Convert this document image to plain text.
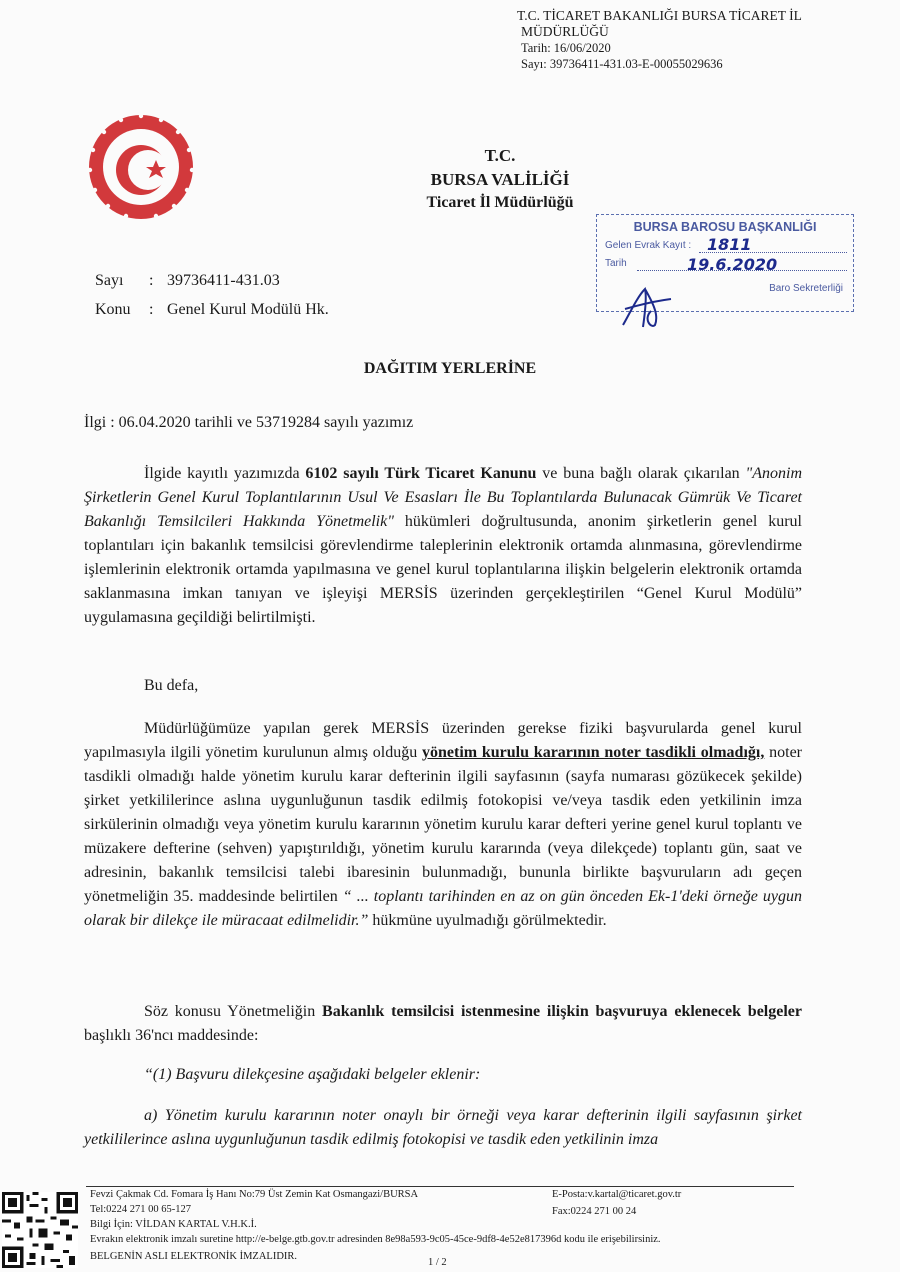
T.C. TİCARET BAKANLIĞI BURSA TİCARET İL
MÜDÜRLÜĞÜ
Tarih: 16/06/2020
Sayı: 39736411-431.03-E-00055029636
T.C.
BURSA VALİLİĞİ
Ticaret İl Müdürlüğü
BURSA BAROSU BAŞKANLIĞI
Gelen Evrak Kayıt :
Tarih
Baro Sekreterliği
1811
19.6.2020
Sayı : 39736411-431.03
Konu : Genel Kurul Modülü Hk.
DAĞITIM YERLERİNE
İlgi : 06.04.2020 tarihli ve 53719284 sayılı yazımız
İlgide kayıtlı yazımızda 6102 sayılı Türk Ticaret Kanunu ve buna bağlı olarak çıkarılan "Anonim Şirketlerin Genel Kurul Toplantılarının Usul Ve Esasları İle Bu Toplantılarda Bulunacak Gümrük Ve Ticaret Bakanlığı Temsilcileri Hakkında Yönetmelik" hükümleri doğrultusunda, anonim şirketlerin genel kurul toplantıları için bakanlık temsilcisi görevlendirme taleplerinin elektronik ortamda alınmasına, görevlendirme işlemlerinin elektronik ortamda yapılmasına ve genel kurul toplantılarına ilişkin belgelerin elektronik ortamda saklanmasına imkan tanıyan ve işleyişi MERSİS üzerinden gerçekleştirilen “Genel Kurul Modülü” uygulamasına geçildiği belirtilmişti.
Bu defa,
Müdürlüğümüze yapılan gerek MERSİS üzerinden gerekse fiziki başvurularda genel kurul yapılmasıyla ilgili yönetim kurulunun almış olduğu yönetim kurulu kararının noter tasdikli olmadığı, noter tasdikli olmadığı halde yönetim kurulu karar defterinin ilgili sayfasının (sayfa numarası gözükecek şekilde) şirket yetkililerince aslına uygunluğunun tasdik edilmiş fotokopisi ve/veya tasdik eden yetkilinin imza sirkülerinin olmadığı veya yönetim kurulu kararının yönetim kurulu karar defteri yerine genel kurul toplantı ve müzakere defterine (sehven) yapıştırıldığı, yönetim kurulu kararında (veya dilekçede) toplantı gün, saat ve adresinin, bakanlık temsilcisi talebi ibaresinin bulunmadığı, bununla birlikte başvuruların adı geçen yönetmeliğin 35. maddesinde belirtilen “ ... toplantı tarihinden en az on gün önceden Ek-1'deki örneğe uygun olarak bir dilekçe ile müracaat edilmelidir.” hükmüne uyulmadığı görülmektedir.
Söz konusu Yönetmeliğin Bakanlık temsilcisi istenmesine ilişkin başvuruya eklenecek belgeler başlıklı 36'ncı maddesinde:
“(1) Başvuru dilekçesine aşağıdaki belgeler eklenir:
a) Yönetim kurulu kararının noter onaylı bir örneği veya karar defterinin ilgili sayfasının şirket yetkililerince aslına uygunluğunun tasdik edilmiş fotokopisi ve tasdik eden yetkilinin imza
Fevzi Çakmak Cd. Fomara İş Hanı No:79 Üst Zemin Kat Osmangazi/BURSA	E-Posta:v.kartal@ticaret.gov.tr
Tel:0224 271 00 65-127	Fax:0224 271 00 24
Bilgi İçin: VİLDAN KARTAL V.H.K.İ.
Evrakın elektronik imzalı suretine http://e-belge.gtb.gov.tr adresinden 8e98a593-9c05-45ce-9df8-4e52e817396d kodu ile erişebilirsiniz.
BELGENİN ASLI ELEKTRONİK İMZALIDIR.
1 / 2
